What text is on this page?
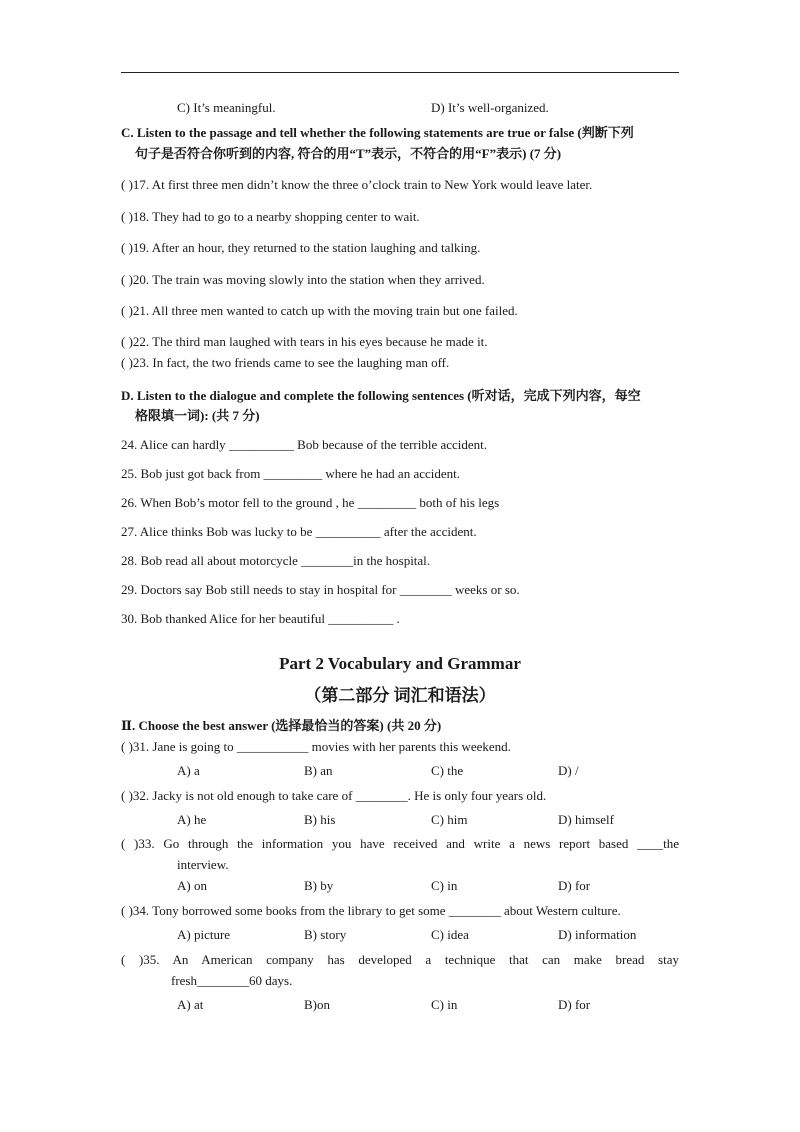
C) It’s meaningful.	D) It’s well-organized.
C. Listen to the passage and tell whether the following statements are true or false (判断下列
句子是否符合你听到的内容, 符合的用“T”表示，不符合的用“F”表示) (7 分)
( )17. At first three men didn’t know the three o’clock train to New York would leave later.
( )18. They had to go to a nearby shopping center to wait.
( )19. After an hour, they returned to the station laughing and talking.
( )20. The train was moving slowly into the station when they arrived.
( )21. All three men wanted to catch up with the moving train but one failed.
( )22. The third man laughed with tears in his eyes because he made it.
( )23. In fact, the two friends came to see the laughing man off.
D. Listen to the dialogue and complete the following sentences (听对话，完成下列内容，每空
格限填一词): (共 7 分)
24. Alice can hardly __________ Bob because of the terrible accident.
25. Bob just got back from _________ where he had an accident.
26. When Bob’s motor fell to the ground , he _________ both of his legs
27. Alice thinks Bob was lucky to be __________ after the accident.
28. Bob read all about motorcycle ________in the hospital.
29. Doctors say Bob still needs to stay in hospital for ________ weeks or so.
30. Bob thanked Alice for her beautiful __________ .
Part 2 Vocabulary and Grammar
（第二部分 词汇和语法）
Ⅱ. Choose the best answer (选择最恰当的答案) (共 20 分)
( )31. Jane is going to ___________ movies with her parents this weekend.
A) a	B) an	C) the	D) /
( )32. Jacky is not old enough to take care of ________. He is only four years old.
A) he	B) his	C) him	D) himself
( )33. Go through the information you have received and write a news report based ____the
interview.
A) on	B) by	C) in	D) for
( )34. Tony borrowed some books from the library to get some ________ about Western culture.
A) picture	B) story	C) idea	D) information
( )35. An American company has developed a technique that can make bread stay
fresh________60 days.
A) at	B)on	C) in	D) for
